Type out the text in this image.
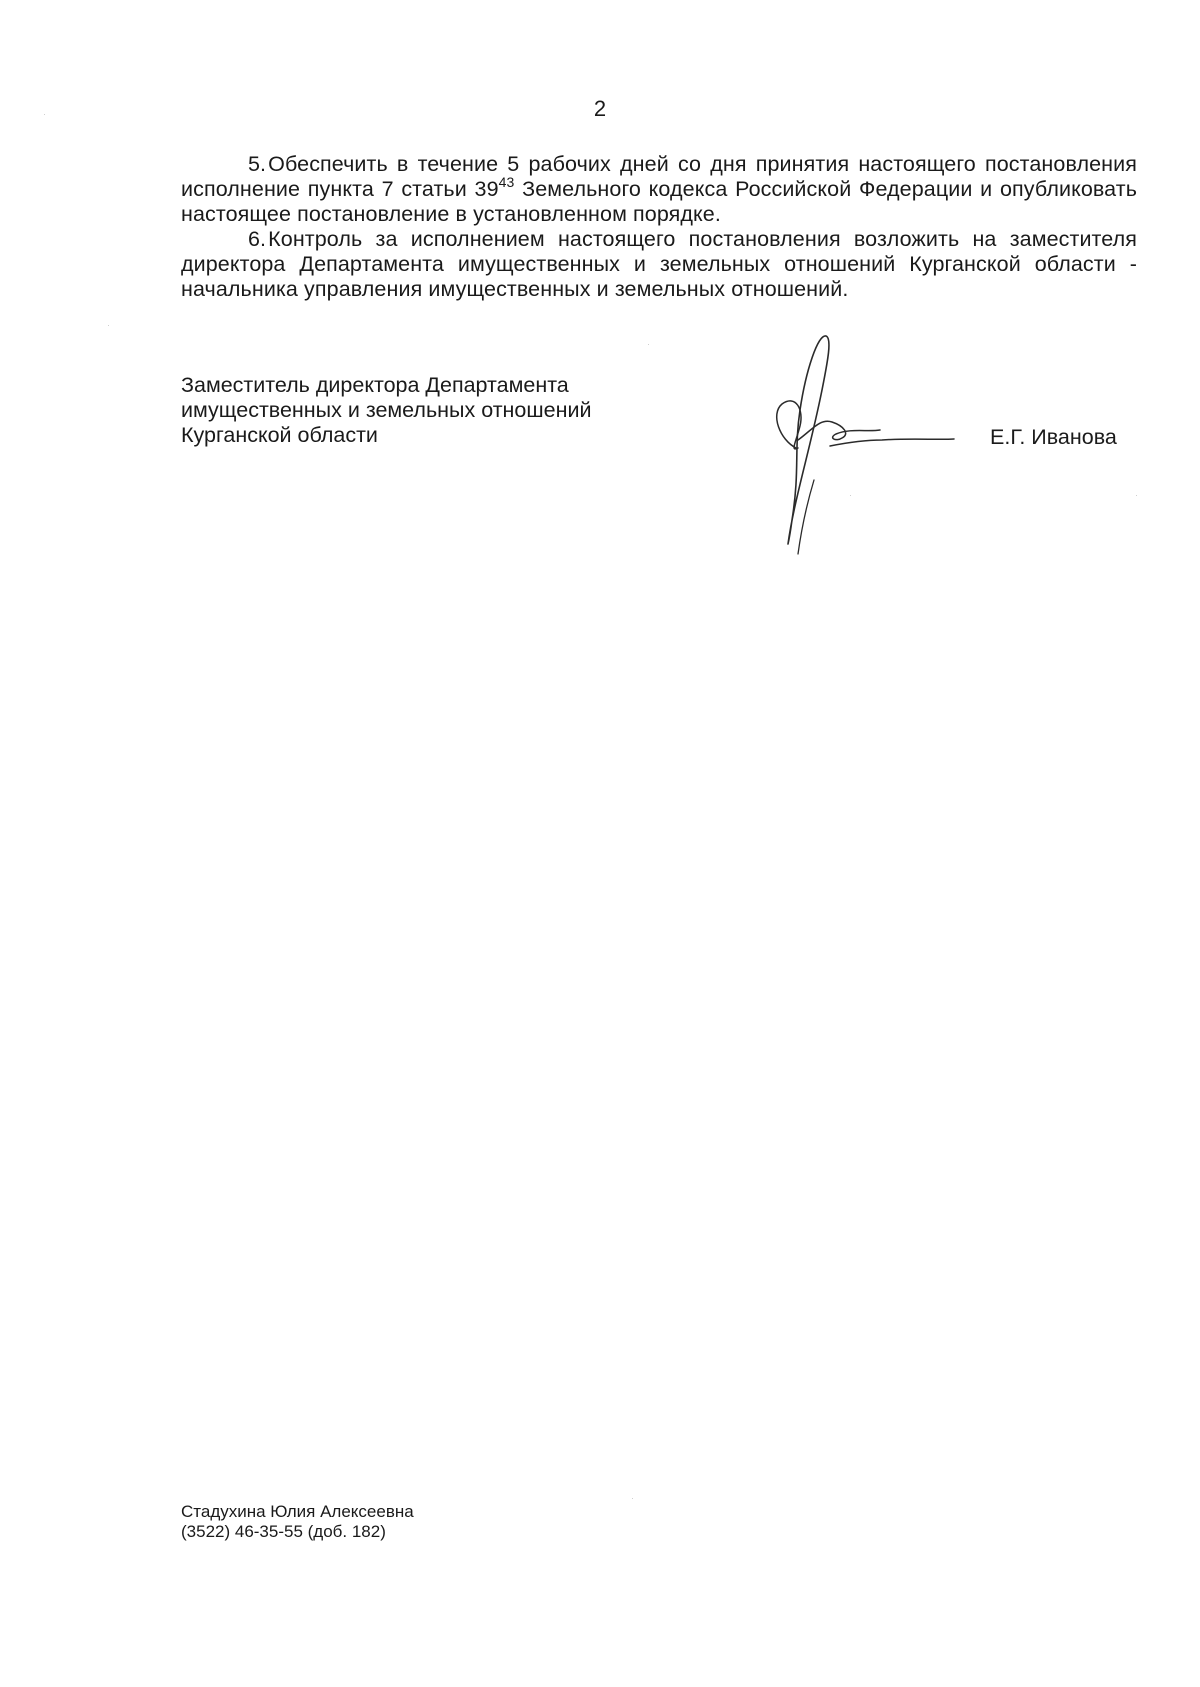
2

5.Обеспечить в течение 5 рабочих дней со дня принятия настоящего постановления исполнение пункта 7 статьи $39^{43}$ Земельного кодекса Российской Федерации и опубликовать настоящее постановление в установленном порядке.

6.Контроль за исполнением настоящего постановления возложить на заместителя директора Департамента имущественных и земельных отношений Курганской области - начальника управления имущественных и земельных отношений.

Заместитель директора Департамента
имущественных и земельных отношений
Курганской области	Е.Г. Иванова
Стадухина Юлия Алексеевна
(3522) 46-35-55 (доб. 182)
